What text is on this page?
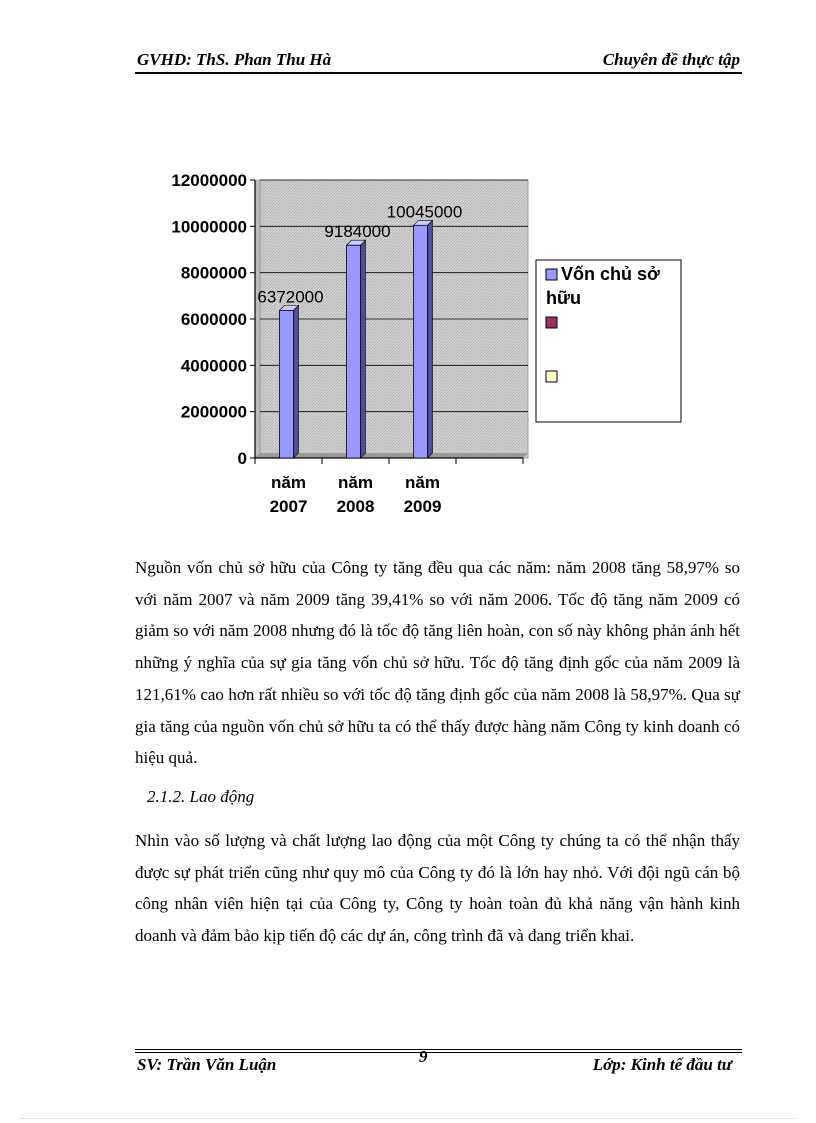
GVHD: ThS. Phan Thu Hà	Chuyên đề thực tập
0
2000000
4000000
6000000
8000000
10000000
12000000
năm
2007
năm
2008
năm
2009
6372000
9184000
10045000
Vốn chủ sở
hữu
Nguồn vốn chủ sở hữu của Công ty tăng đều qua các năm: năm 2008 tăng 58,97% so với năm 2007 và năm 2009 tăng 39,41% so với năm 2006. Tốc độ tăng năm 2009 có giảm so với năm 2008 nhưng đó là tốc độ tăng liên hoàn, con số này không phản ánh hết những ý nghĩa của sự gia tăng vốn chủ sở hữu. Tốc độ tăng định gốc của năm 2009 là 121,61% cao hơn rất nhiều so với tốc độ tăng định gốc của năm 2008 là 58,97%. Qua sự gia tăng của nguồn vốn chủ sở hữu ta có thể thấy được hàng năm Công ty kinh doanh có hiệu quả.
2.1.2. Lao động
Nhìn vào số lượng và chất lượng lao động của một Công ty chúng ta có thể nhận thấy được sự phát triển cũng như quy mô của Công ty đó là lớn hay nhỏ. Với đội ngũ cán bộ công nhân viên hiện tại của Công ty, Công ty hoàn toàn đủ khả năng vận hành kinh doanh và đảm bảo kịp tiến độ các dự án, công trình đã và đang triển khai.
SV: Trần Văn Luận	9	Lớp: Kinh tế đầu tư
